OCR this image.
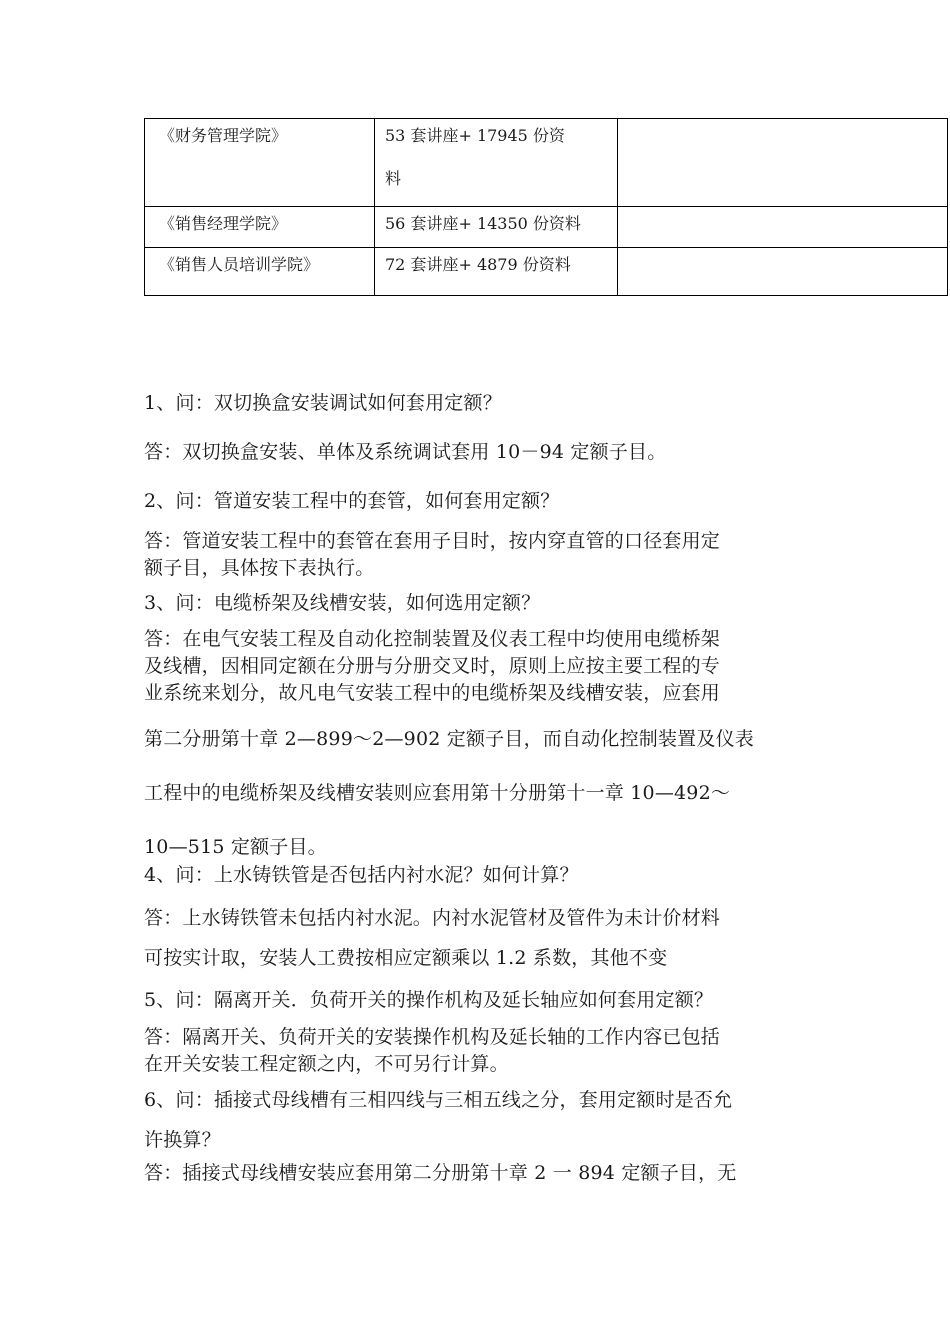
《财务管理学院》	53 套讲座+ 17945 份资
料	

《销售经理学院》	56 套讲座+ 14350 份资料	
《销售人员培训学院》	72 套讲座+ 4879 份资料	

1、问：双切换盒安装调试如何套用定额？

答：双切换盒安装、单体及系统调试套用 10－94 定额子目。

2、问：管道安装工程中的套管，如何套用定额？

答：管道安装工程中的套管在套用子目时，按内穿直管的口径套用定

额子目，具体按下表执行。

3、问：电缆桥架及线槽安装，如何选用定额？

答：在电气安装工程及自动化控制装置及仪表工程中均使用电缆桥架

及线槽，因相同定额在分册与分册交叉时，原则上应按主要工程的专

业系统来划分，故凡电气安装工程中的电缆桥架及线槽安装，应套用

第二分册第十章 2—899～2—902 定额子目，而自动化控制装置及仪表

工程中的电缆桥架及线槽安装则应套用第十分册第十一章 10—492～

10—515 定额子目。

4、问：上水铸铁管是否包括内衬水泥？如何计算？

答：上水铸铁管未包括内衬水泥。内衬水泥管材及管件为未计价材料

可按实计取，安装人工费按相应定额乘以 1.2 系数，其他不变

5、问：隔离开关．负荷开关的操作机构及延长轴应如何套用定额？

答：隔离开关、负荷开关的安装操作机构及延长轴的工作内容已包括

在开关安装工程定额之内，不可另行计算。

6、问：插接式母线槽有三相四线与三相五线之分，套用定额时是否允

许换算？

答：插接式母线槽安装应套用第二分册第十章 2 一 894 定额子目，无
